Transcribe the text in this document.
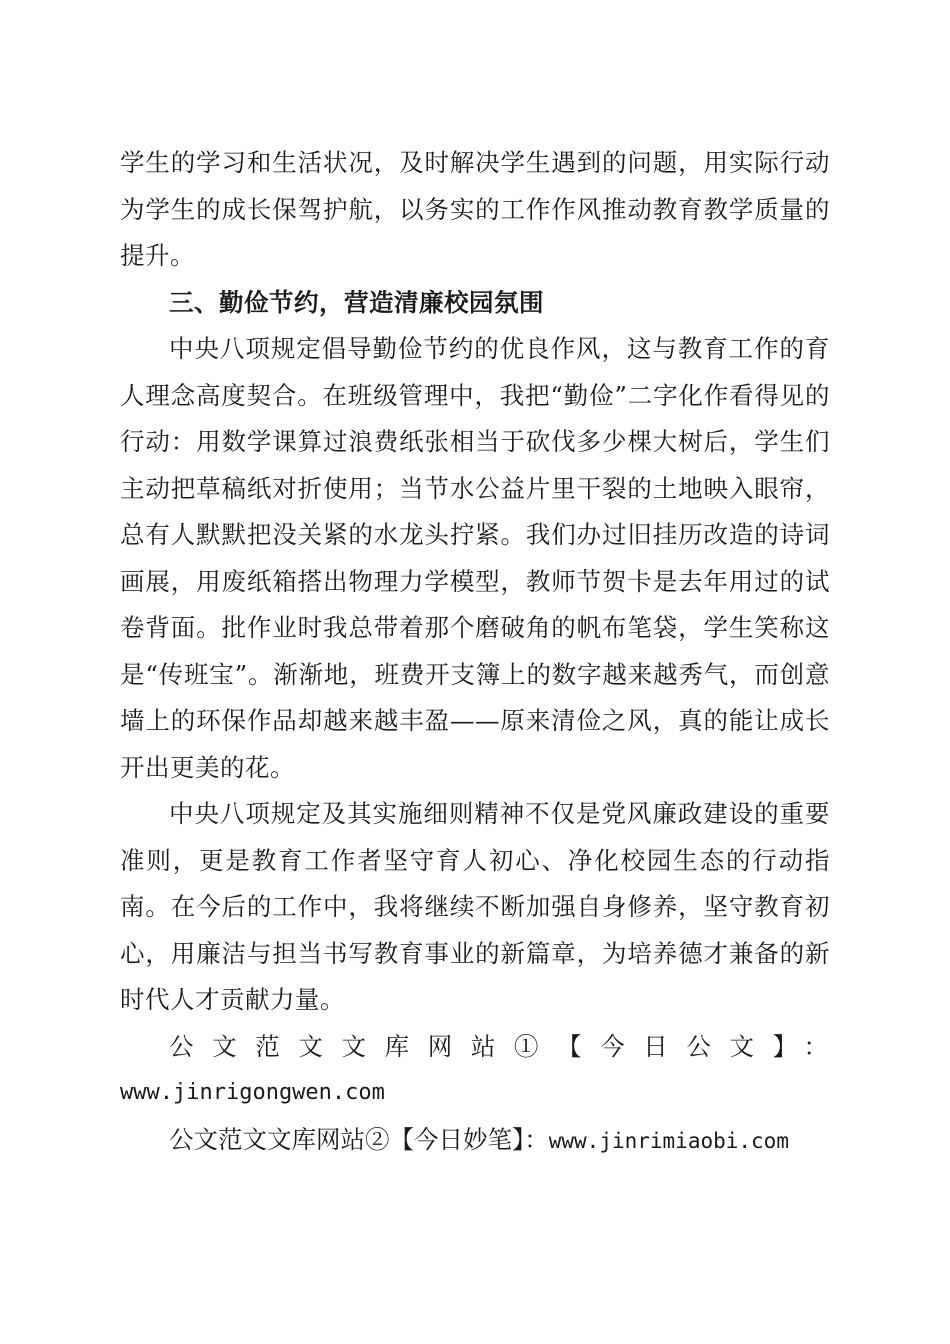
学生的学习和生活状况，及时解决学生遇到的问题，用实际行动为学生的成长保驾护航，以务实的工作作风推动教育教学质量的提升。

三、勤俭节约，营造清廉校园氛围

中央八项规定倡导勤俭节约的优良作风，这与教育工作的育人理念高度契合。在班级管理中，我把“勤俭”二字化作看得见的行动：用数学课算过浪费纸张相当于砍伐多少棵大树后，学生们主动把草稿纸对折使用；当节水公益片里干裂的土地映入眼帘，总有人默默把没关紧的水龙头拧紧。我们办过旧挂历改造的诗词画展，用废纸箱搭出物理力学模型，教师节贺卡是去年用过的试卷背面。批作业时我总带着那个磨破角的帆布笔袋，学生笑称这是“传班宝”。渐渐地，班费开支簿上的数字越来越秀气，而创意墙上的环保作品却越来越丰盈——原来清俭之风，真的能让成长开出更美的花。

中央八项规定及其实施细则精神不仅是党风廉政建设的重要准则，更是教育工作者坚守育人初心、净化校园生态的行动指南。在今后的工作中，我将继续不断加强自身修养，坚守教育初心，用廉洁与担当书写教育事业的新篇章，为培养德才兼备的新时代人才贡献力量。

公文范文文库网站①【今日公文】：

www.jinrigongwen.com

公文范文文库网站②【今日妙笔】：www.jinrimiaobi.com
